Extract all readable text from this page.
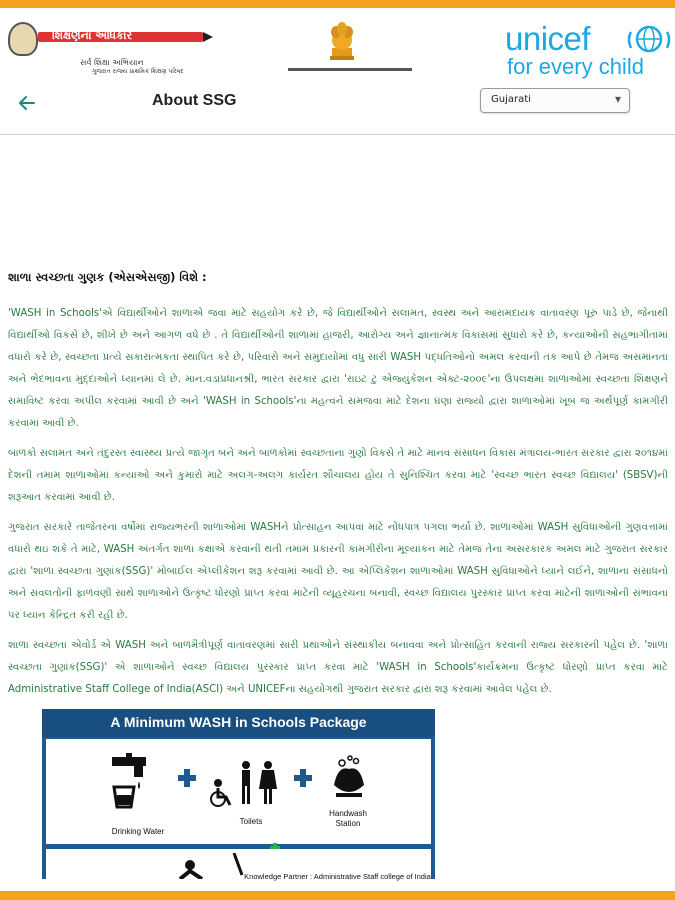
શિક્ષણનો અધિકાર
સર્વ શિક્ષા અભિયાન
ગુજરાત રાજ્ય પ્રાથમિક શિક્ષણ પરિષદ
unicef
for every child
About SSG	Gujarati	▾
શાળા સ્વચ્છતા ગુણક (એસએસજી) વિશે :

'WASH in Schools'એ વિદ્યાર્થીઓને શાળાએ જવા માટે સહયોગ કરે છે, જે વિદ્યાર્થીઓને સલામત, સ્વસ્થ અને આરામદાયક વાતાવરણ પૂરું પાડે છે, જેનાથી વિદ્યાર્થીઓ વિકસે છે, શીખે છે અને આગળ વધે છે . તે વિદ્યાર્થીઓની શાળામાં હાજરી, આરોગ્ય અને જ્ઞાનાત્મક વિકાસમાં સુધારો કરે છે, કન્યાઓની સહભાગીતામાં વધારો કરે છે, સ્વચ્છતા પ્રત્યે સકારાત્મકતા સ્થાપિત કરે છે, પરિવારો અને સમુદાયોમાં વધુ સારી WASH પદ્ધતિઓનો અમલ કરવાની તક આપે છે તેમજ અસમાનતા અને ભેદભાવના મુદ્દાઓને ધ્યાનમાં લે છે. માન.વડાપ્રધાનશ્રી, ભારત સરકાર દ્વારા 'રાઇટ ટુ એજ્યુકેશન એક્ટ-૨૦૦૯'ના ઉપલક્ષમાં શાળાઓમાં સ્વચ્છતા શિક્ષણને સમાવિષ્ટ કરવા અપીલ કરવામાં આવી છે અને 'WASH in Schools'ના મહત્વને સમજવા માટે દેશના ઘણા રાજ્યો દ્વારા શાળાઓમાં ખૂબ જ અર્થપૂર્ણ કામગીરી કરવામાં આવી છે.

બાળકો સલામત અને તંદુરસ્ત સ્વાસ્થ્ય પ્રત્યે જાગૃત બને અને બાળકોમાં સ્વચ્છતાના ગુણો વિકસે તે માટે માનવ સંસાધન વિકાસ મંત્રાલય-ભારત સરકાર દ્વારા ૨૦૧૪માં દેશની તમામ શાળાઓમાં કન્યાઓ અને કુમારો માટે અલગ-અલગ કાર્યરત શૌચાલય હોય તે સુનિશ્ચિત કરવા માટે 'સ્વચ્છ ભારત સ્વચ્છ વિદ્યાલય' (SBSV)ની શરૂઆત કરવામાં આવી છે.

ગુજરાત સરકારે તાજેતરના વર્ષોમાં રાજ્યભરની શાળાઓમાં WASHને પ્રોત્સાહન આપવા માટે નોંધપાત્ર પગલા ભર્યા છે. શાળાઓમાં WASH સુવિધાઓની ગુણવત્તામાં વધારો થઇ શકે તે માટે, WASH અંતર્ગત શાળા કક્ષાએ કરવાની થતી તમામ પ્રકારની કામગીરીના મૂલ્યાંકન માટે તેમજ તેના અસરકારક અમલ માટે ગુજરાત સરકાર દ્વારા 'શાળા સ્વચ્છતા ગુણાંક(SSG)' મોબાઈલ એપ્લીકેશન શરૂ કરવામાં આવી છે. આ એપ્લિકેશન શાળાઓમાં WASH સુવિધાઓને ધ્યાને લઈને, શાળાના સંસાધનો અને સવલતોની ફાળવણી સાથે શાળાઓને ઉત્કૃષ્ટ ધોરણો પ્રાપ્ત કરવા માટેની વ્યૂહરચના બનાવી, સ્વચ્છ વિદ્યાલય પુરસ્કાર પ્રાપ્ત કરવા માટેની શાળાઓની સંભાવના પર ધ્યાન કેન્દ્રિત કરી રહી છે.

શાળા સ્વચ્છતા એવોર્ડ એ WASH અને બાળમૈત્રીપૂર્ણ વાતાવરણમાં સારી પ્રથાઓને સંસ્થાકીય બનાવવા અને પ્રોત્સાહિત કરવાની રાજ્ય સરકારની પહેલ છે. 'શાળા સ્વચ્છતા ગુણાંક(SSG)' એ શાળાઓને સ્વચ્છ વિદ્યાલય પુરસ્કાર પ્રાપ્ત કરવા માટે 'WASH in Schools'કાર્યક્રમના ઉત્કૃષ્ટ ધોરણો પ્રાપ્ત કરવા માટે Administrative Staff College of India(ASCI) અને UNICEFના સહયોગથી ગુજરાત સરકાર દ્વારા શરૂ કરવામાં આવેલ પહેલ છે.

A Minimum WASH in Schools Package
Drinking Water
Toilets
Handwash Station
Knowledge Partner : Administrative Staff college of India
